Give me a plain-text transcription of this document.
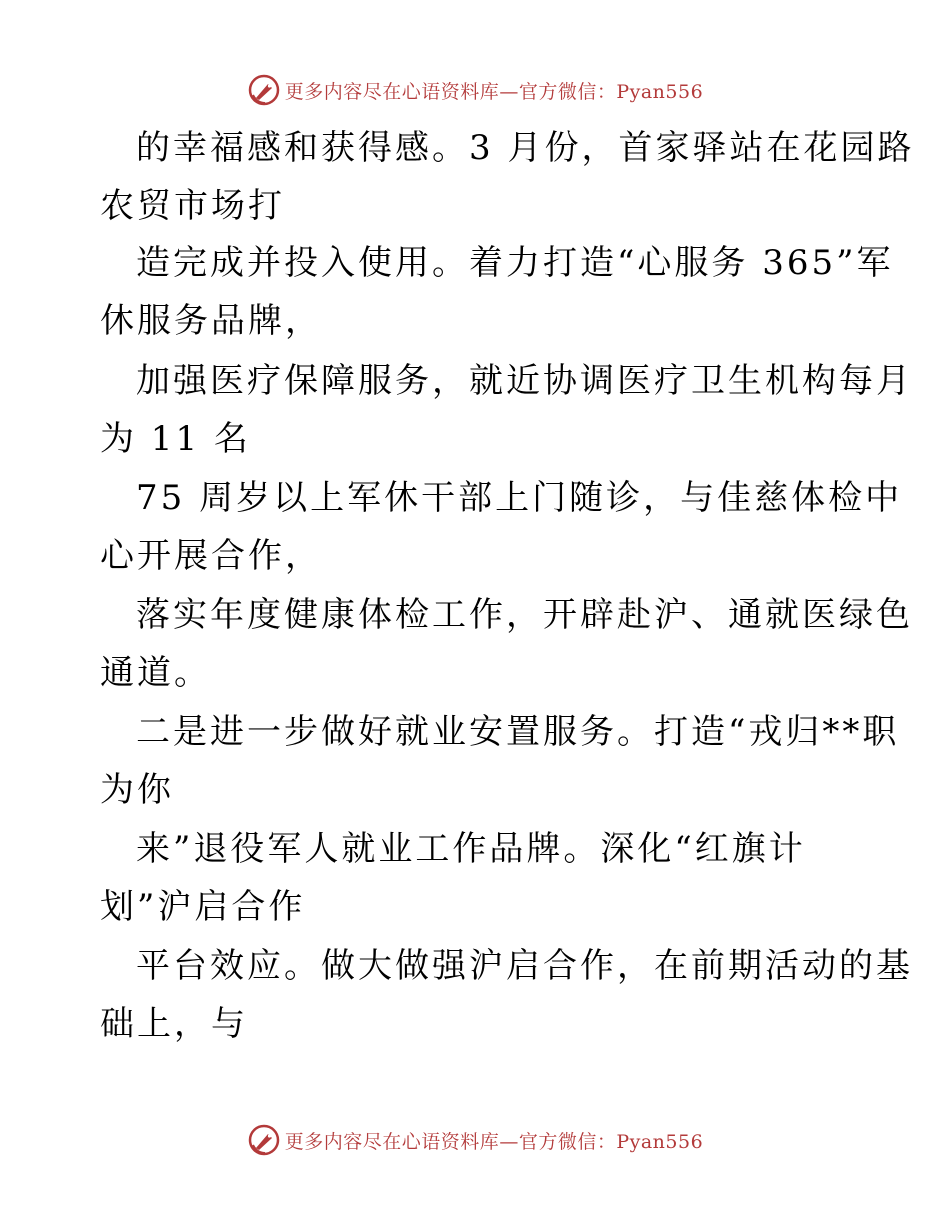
更多内容尽在心语资料库—官方微信：Pyan556
的幸福感和获得感。3 月份，首家驿站在花园路
农贸市场打
造完成并投入使用。着力打造“心服务 365”军
休服务品牌，
加强医疗保障服务，就近协调医疗卫生机构每月
为 11 名
75 周岁以上军休干部上门随诊，与佳慈体检中
心开展合作，
落实年度健康体检工作，开辟赴沪、通就医绿色
通道。
二是进一步做好就业安置服务。打造“戎归**职
为你
来”退役军人就业工作品牌。深化“红旗计
划”沪启合作
平台效应。做大做强沪启合作，在前期活动的基
础上，与
更多内容尽在心语资料库—官方微信：Pyan556
